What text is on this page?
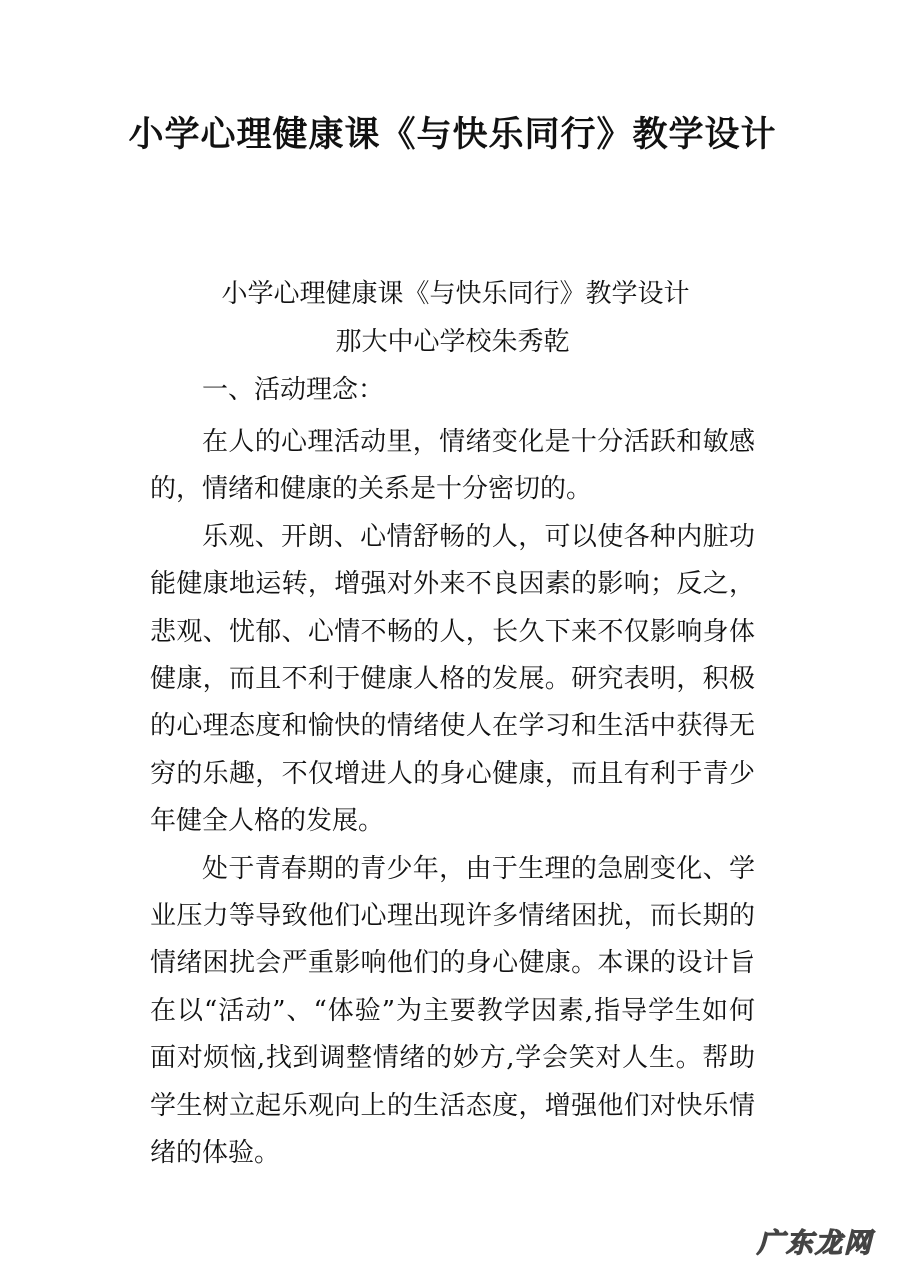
小学心理健康课《与快乐同行》教学设计

小学心理健康课《与快乐同行》教学设计

那大中心学校朱秀乾

一、活动理念：

在人的心理活动里，情绪变化是十分活跃和敏感的，情绪和健康的关系是十分密切的。

乐观、开朗、心情舒畅的人，可以使各种内脏功能健康地运转，增强对外来不良因素的影响；反之，悲观、忧郁、心情不畅的人，长久下来不仅影响身体健康，而且不利于健康人格的发展。研究表明，积极的心理态度和愉快的情绪使人在学习和生活中获得无穷的乐趣，不仅增进人的身心健康，而且有利于青少年健全人格的发展。

处于青春期的青少年，由于生理的急剧变化、学业压力等导致他们心理出现许多情绪困扰，而长期的情绪困扰会严重影响他们的身心健康。本课的设计旨在以“活动”、“体验”为主要教学因素,指导学生如何面对烦恼,找到调整情绪的妙方,学会笑对人生。帮助学生树立起乐观向上的生活态度，增强他们对快乐情绪的体验。

广东龙网
